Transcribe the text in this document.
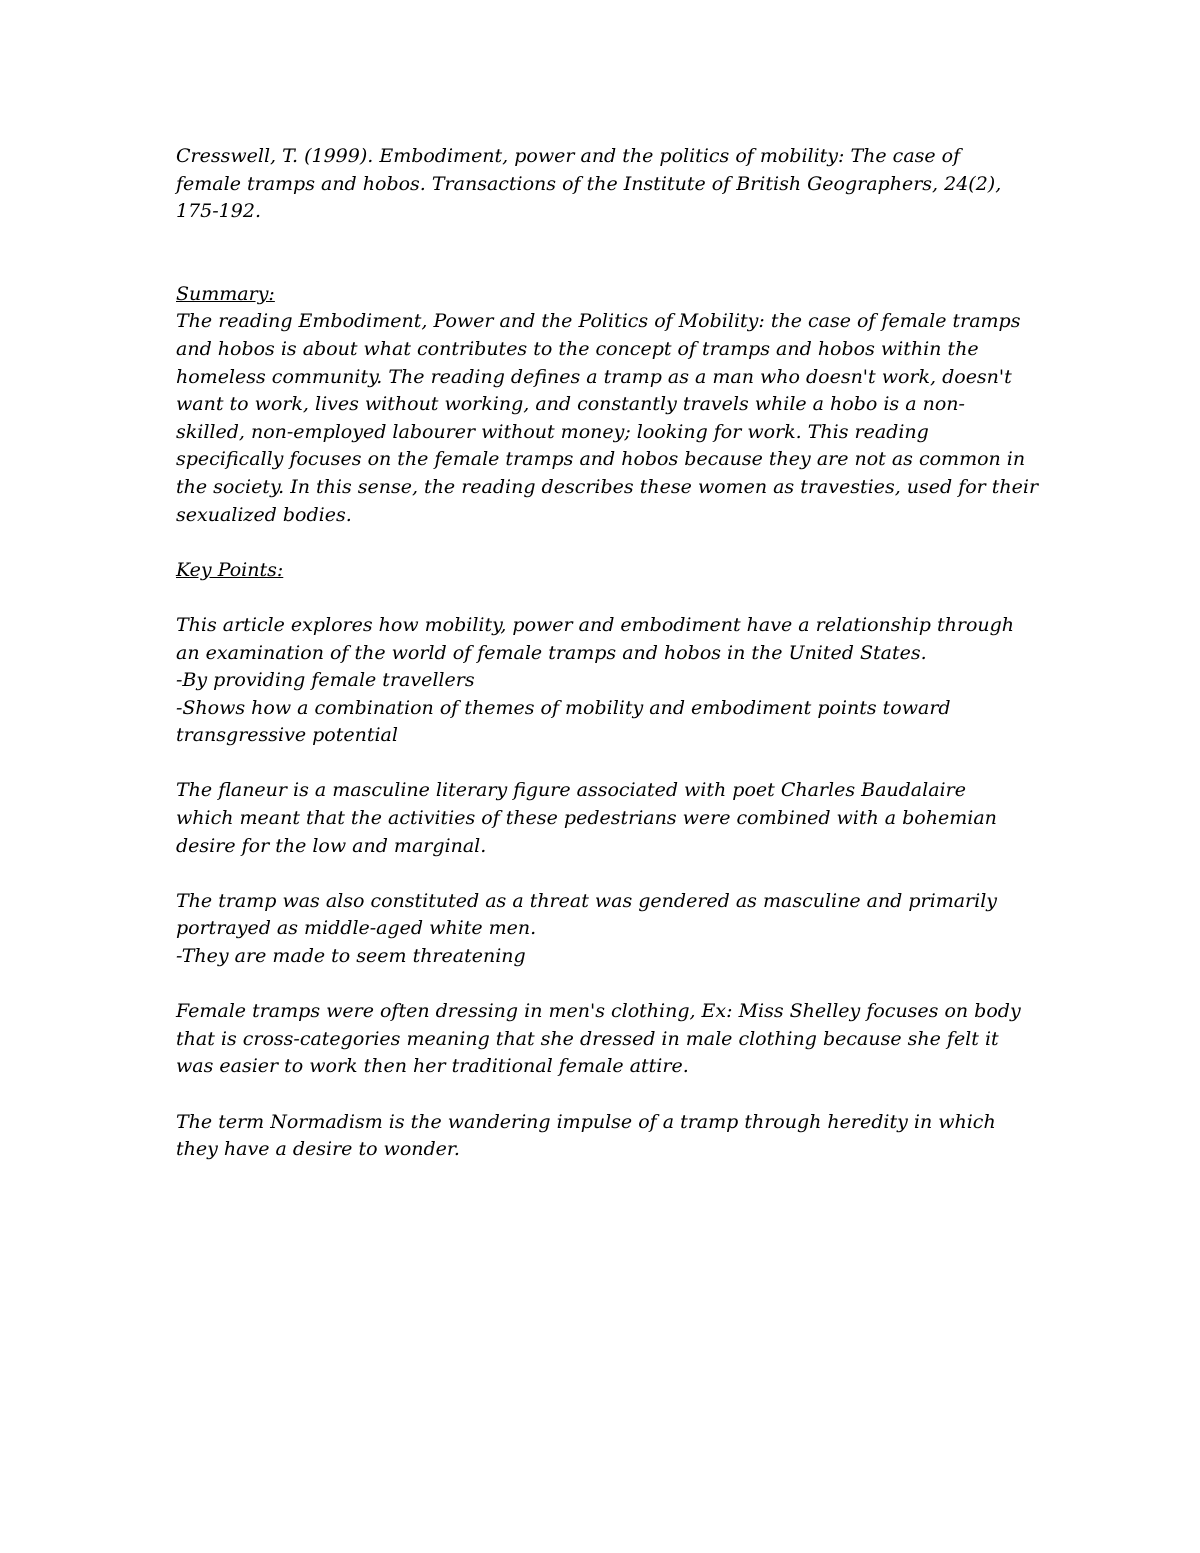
Cresswell, T. (1999). Embodiment, power and the politics of mobility: The case of

female tramps and hobos. Transactions of the Institute of British Geographers, 24(2),

175-192.

Summary:

The reading Embodiment, Power and the Politics of Mobility: the case of female tramps

and hobos is about what contributes to the concept of tramps and hobos within the

homeless community. The reading defines a tramp as a man who doesn't work, doesn't

want to work, lives without working, and constantly travels while a hobo is a non-

skilled, non-employed labourer without money; looking for work. This reading

specifically focuses on the female tramps and hobos because they are not as common in

the society. In this sense, the reading describes these women as travesties, used for their

sexualized bodies.

Key Points:

This article explores how mobility, power and embodiment have a relationship through

an examination of the world of female tramps and hobos in the United States.

-By providing female travellers

-Shows how a combination of themes of mobility and embodiment points toward

transgressive potential

The flaneur is a masculine literary figure associated with poet Charles Baudalaire

which meant that the activities of these pedestrians were combined with a bohemian

desire for the low and marginal.

The tramp was also constituted as a threat was gendered as masculine and primarily

portrayed as middle-aged white men.

-They are made to seem threatening

Female tramps were often dressing in men's clothing, Ex: Miss Shelley focuses on body

that is cross-categories meaning that she dressed in male clothing because she felt it

was easier to work then her traditional female attire.

The term Normadism is the wandering impulse of a tramp through heredity in which

they have a desire to wonder.
